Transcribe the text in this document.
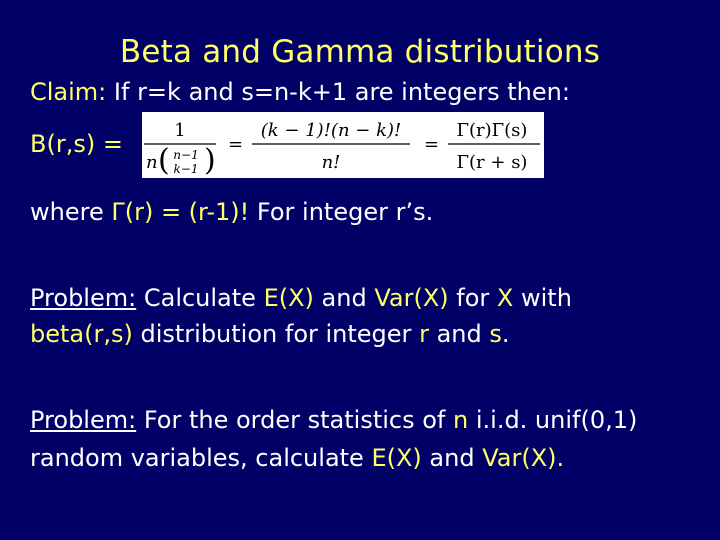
Beta and Gamma distributions
Claim: If r=k and s=n-k+1 are integers then:
B(r,s) =	1
n ( n−1
k−1 ) =
(k − 1)!(n − k)!
n!
=
Γ(r)Γ(s)
Γ(r + s)
where Γ(r) = (r-1)! For integer r’s.
Problem: Calculate E(X) and Var(X) for X with
beta(r,s) distribution for integer r and s.
Problem: For the order statistics of n i.i.d. unif(0,1)
random variables, calculate E(X) and Var(X).
